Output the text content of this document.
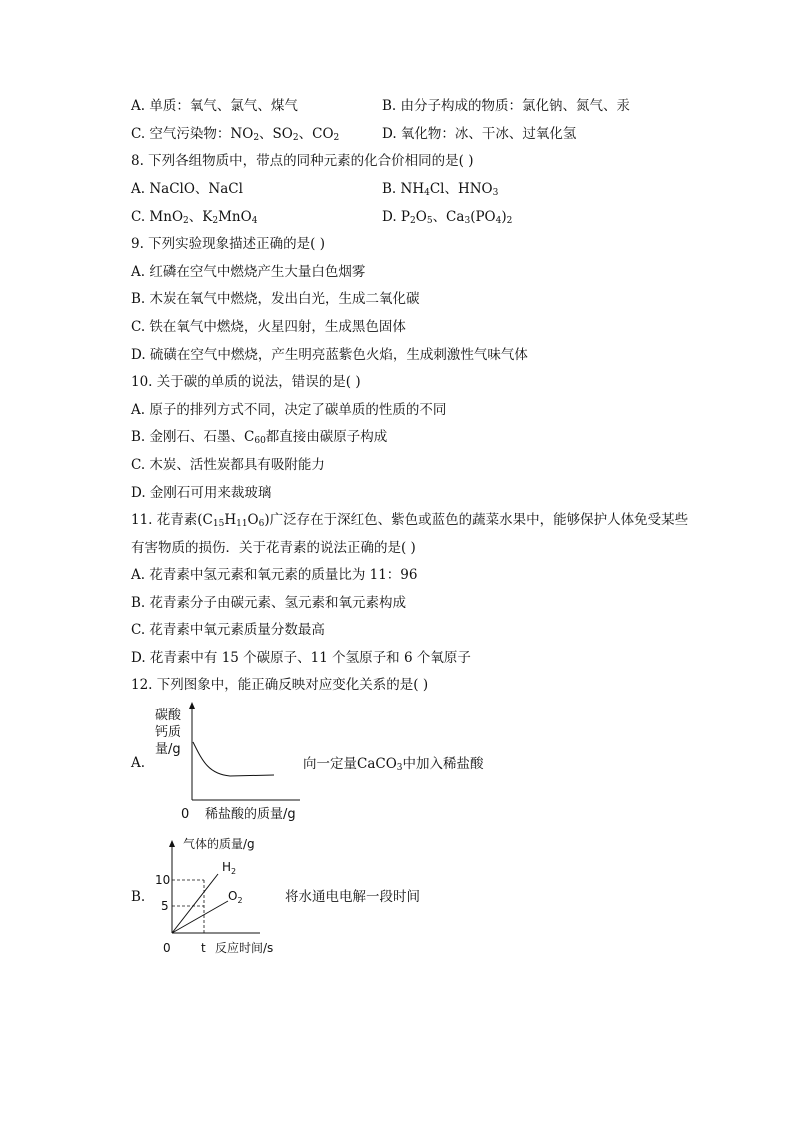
A. 单质：氧气、氯气、煤气	B. 由分子构成的物质：氯化钠、氮气、汞
C. 空气污染物：$NO_2$、$SO_2$、$CO_2$	D. 氧化物：冰、干冰、过氧化氢
8. 下列各组物质中，带点的同种元素的化合价相同的是( )
A. NaClO、NaCl	B. $NH_4Cl$、$HNO_3$
C. MnO$_2$、$K_2MnO_4$	D. $P_2O_5$、$Ca_3(PO_4)_2$
9. 下列实验现象描述正确的是( )
A. 红磷在空气中燃烧产生大量白色烟雾
B. 木炭在氧气中燃烧，发出白光，生成二氧化碳
C. 铁在氧气中燃烧，火星四射，生成黑色固体
D. 硫磺在空气中燃烧，产生明亮蓝紫色火焰，生成刺激性气味气体
10. 关于碳的单质的说法，错误的是( )
A. 原子的排列方式不同，决定了碳单质的性质的不同
B. 金刚石、石墨、$C_{60}$都直接由碳原子构成
C. 木炭、活性炭都具有吸附能力
D. 金刚石可用来裁玻璃
11. 花青素$(C_{15}H_{11}O_6)$广泛存在于深红色、紫色或蓝色的蔬菜水果中，能够保护人体免受某些
有害物质的损伤．关于花青素的说法正确的是( )
A. 花青素中氢元素和氧元素的质量比为 11：96
B. 花青素分子由碳元素、氢元素和氧元素构成
C. 花青素中氧元素质量分数最高
D. 花青素中有 15 个碳原子、11 个氢原子和 6 个氧原子
12. 下列图象中，能正确反映对应变化关系的是( )
A.
碳酸
钙质
量/g
0 稀盐酸的质量/g
向一定量CaCO$_3$中加入稀盐酸
B.
气体的质量/g
$H_2$
$O_2$
10
5
0	t 反应时间/s
将水通电电解一段时间
